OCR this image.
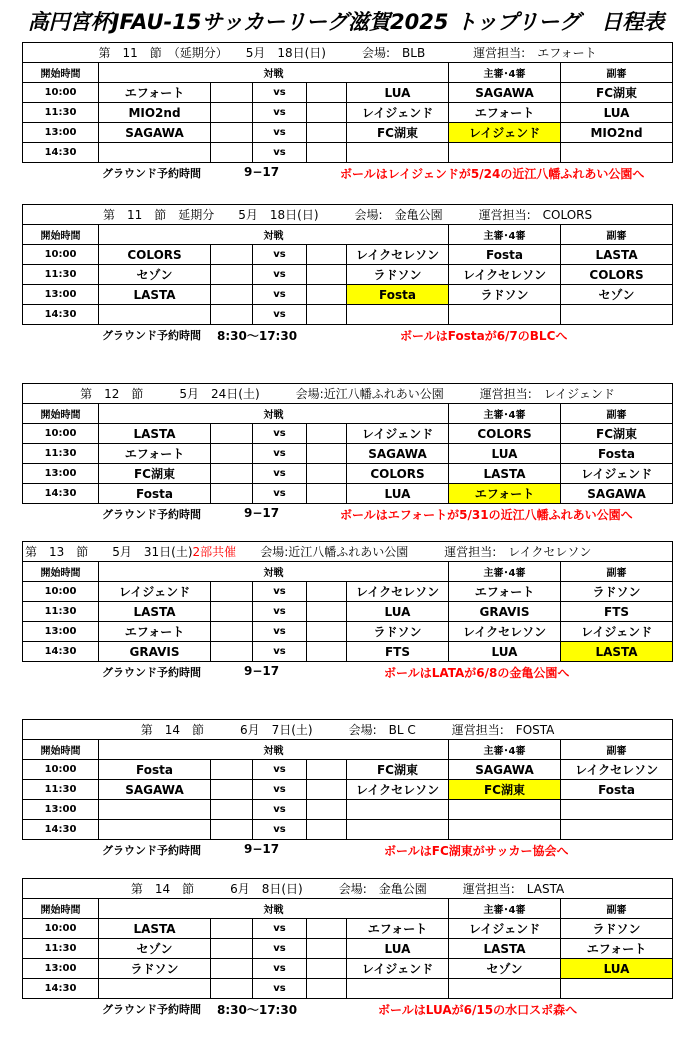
高円宮杯JFAU-15サッカーリーグ滋賀2025 トップリーグ　日程表
第　11　節　（延期分）　　5月　18日(日)　　　会場:　BLB　　　　運営担当:　エフォート							
開始時間	対戦					主審･4審	副審
10:00	エフォート		vs		LUA	SAGAWA	FC湖東
11:30	MIO2nd		vs		レイジェンド	エフォート	LUA
13:00	SAGAWA		vs		FC湖東	レイジェンド	MIO2nd
14:30			vs				
グラウンド予約時間	9−17	ボールはレイジェンドが5/24の近江八幡ふれあい公園へ
第　11　節　延期分　　5月　18日(日)　　　会場:　金亀公園　　　運営担当:　COLORS							
開始時間	対戦					主審･4審	副審
10:00	COLORS		vs		レイクセレソン	Fosta	LASTA
11:30	セゾン		vs		ラドソン	レイクセレソン	COLORS
13:00	LASTA		vs		Fosta	ラドソン	セゾン
14:30			vs				
グラウンド予約時間 8:30〜17:30	ボールはFostaが6/7のBLCへ
第　12　節　　　5月　24日(土)　　　会場:近江八幡ふれあい公園　　　運営担当:　レイジェンド							
開始時間	対戦					主審･4審	副審
10:00	LASTA		vs		レイジェンド	COLORS	FC湖東
11:30	エフォート		vs		SAGAWA	LUA	Fosta
13:00	FC湖東		vs		COLORS	LASTA	レイジェンド
14:30	Fosta		vs		LUA	エフォート	SAGAWA
グラウンド予約時間	9−17	ボールはエフォートが5/31の近江八幡ふれあい公園へ
第　13　節　　5月　31日(土)2部共催　　会場:近江八幡ふれあい公園　　　運営担当:　レイクセレソン							
開始時間	対戦					主審･4審	副審
10:00	レイジェンド		vs		レイクセレソン	エフォート	ラドソン
11:30	LASTA		vs		LUA	GRAVIS	FTS
13:00	エフォート		vs		ラドソン	レイクセレソン	レイジェンド
14:30	GRAVIS		vs		FTS	LUA	LASTA
グラウンド予約時間	9−17	ボールはLATAが6/8の金亀公園へ
第　14　節　　　6月　7日(土)　　　会場:　BL C　　　運営担当:　FOSTA							
開始時間	対戦					主審･4審	副審
10:00	Fosta		vs		FC湖東	SAGAWA	レイクセレソン
11:30	SAGAWA		vs		レイクセレソン	FC湖東	Fosta
13:00			vs				
14:30			vs				
グラウンド予約時間	9−17	ボールはFC湖東がサッカー協会へ
第　14　節　　　6月　8日(日)　　　会場:　金亀公園　　　運営担当:　LASTA							
開始時間	対戦					主審･4審	副審
10:00	LASTA		vs		エフォート	レイジェンド	ラドソン
11:30	セゾン		vs		LUA	LASTA	エフォート
13:00	ラドソン		vs		レイジェンド	セゾン	LUA
14:30			vs				
グラウンド予約時間 8:30〜17:30	ボールはLUAが6/15の水口スポ森へ
